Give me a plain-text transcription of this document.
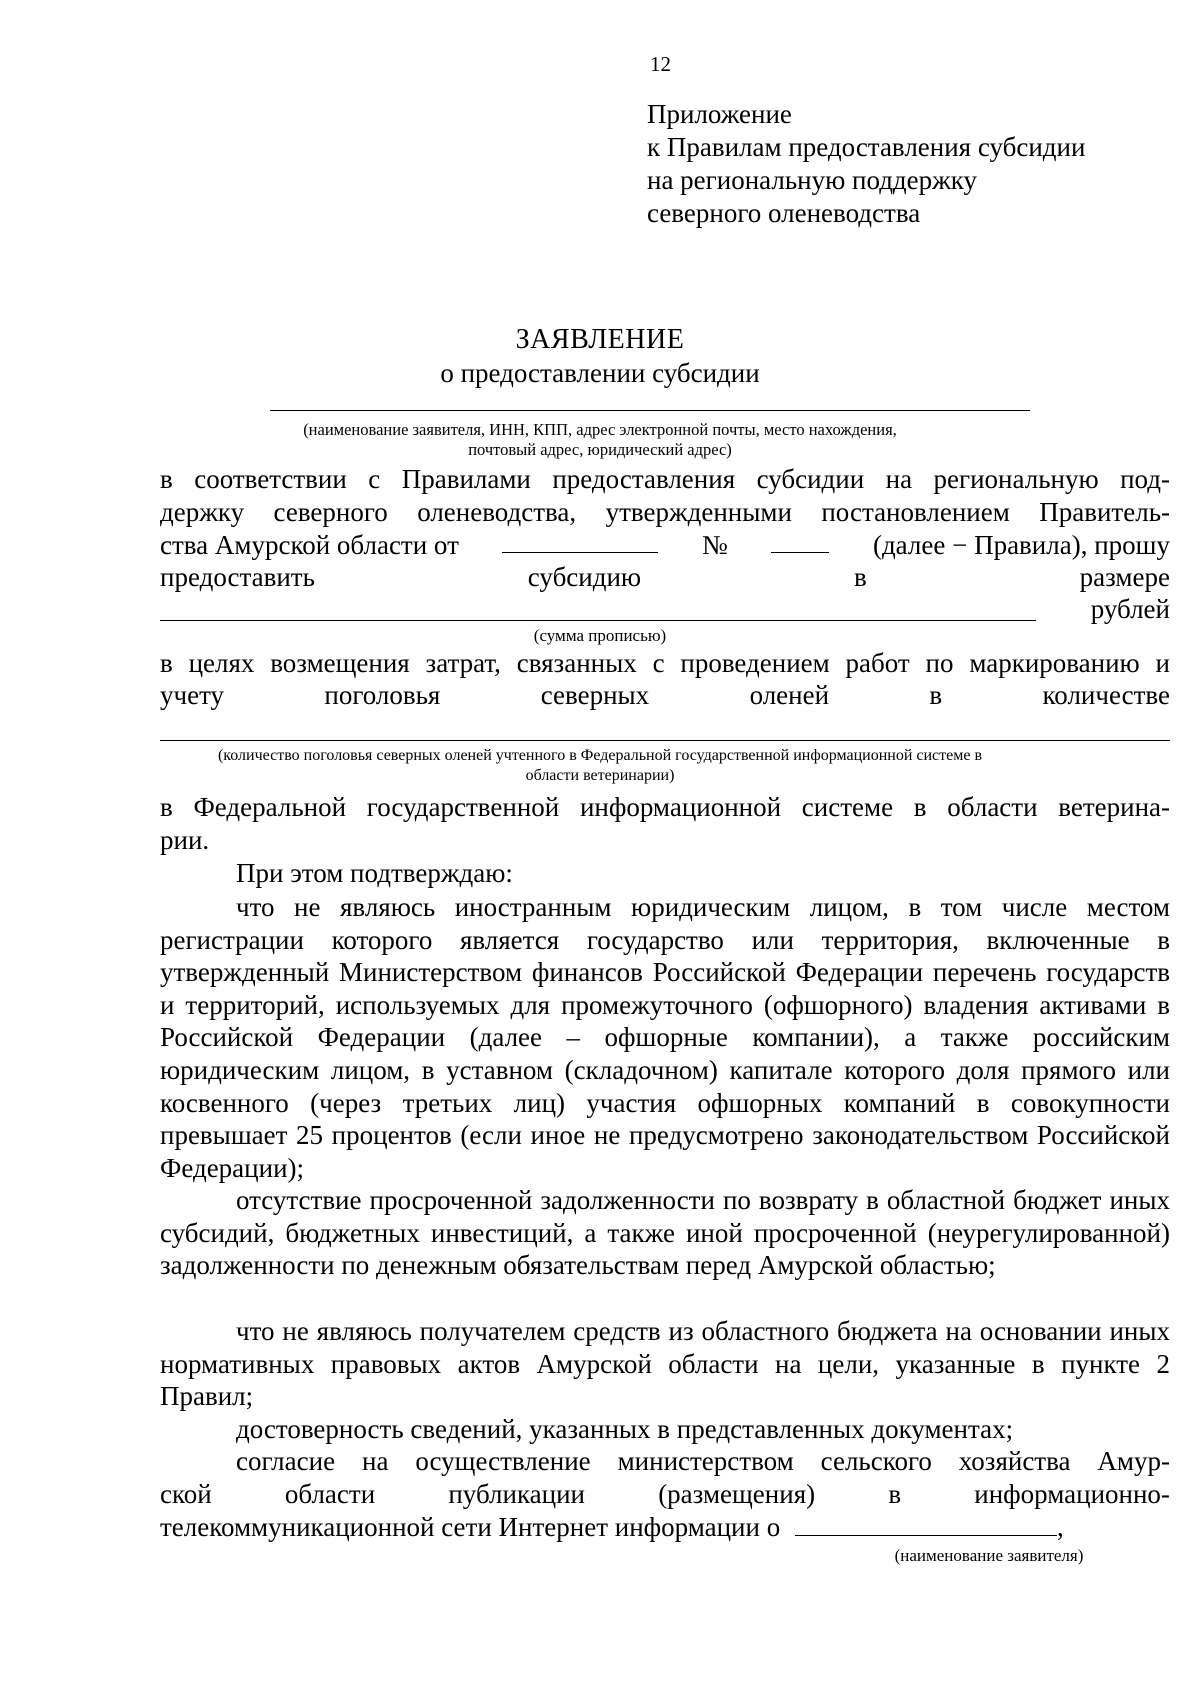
12
Приложение
к Правилам предоставления субсидии
на региональную поддержку
северного оленеводства
ЗАЯВЛЕНИЕ
о предоставлении субсидии
(наименование заявителя, ИНН, КПП, адрес электронной почты, место нахождения,
почтовый адрес, юридический адрес)
в соответствии с Правилами предоставления субсидии на региональную под-
держку северного оленеводства, утвержденными постановлением Правитель-
ства Амурской области от	№	(далее − Правила), прошу
предоставить	субсидию	в	размере
рублей
(сумма прописью)
в целях возмещения затрат, связанных с проведением работ по маркированию и
учету	поголовья	северных	оленей	в	количестве
(количество поголовья северных оленей учтенного в Федеральной государственной информационной системе в
области ветеринарии)
в Федеральной государственной информационной системе в области ветерина-
рии.
При этом подтверждаю:
что не являюсь иностранным юридическим лицом, в том числе местом регистрации которого является государство или территория, включенные в утвержденный Министерством финансов Российской Федерации перечень государств и территорий, используемых для промежуточного (офшорного) владения активами в Российской Федерации (далее – офшорные компании), а также российским юридическим лицом, в уставном (складочном) капитале которого доля прямого или косвенного (через третьих лиц) участия офшорных компаний в совокупности превышает 25 процентов (если иное не предусмотрено законодательством Российской Федерации);
отсутствие просроченной задолженности по возврату в областной бюджет иных субсидий, бюджетных инвестиций, а также иной просроченной (неурегулированной) задолженности по денежным обязательствам перед Амурской областью;
что не являюсь получателем средств из областного бюджета на основании иных нормативных правовых актов Амурской области на цели, указанные в пункте 2 Правил;
достоверность сведений, указанных в представленных документах;
согласие на осуществление министерством сельского хозяйства Амур-
ской	области	публикации	(размещения)	в	информационно-
телекоммуникационной сети Интернет информации о	,
(наименование заявителя)
